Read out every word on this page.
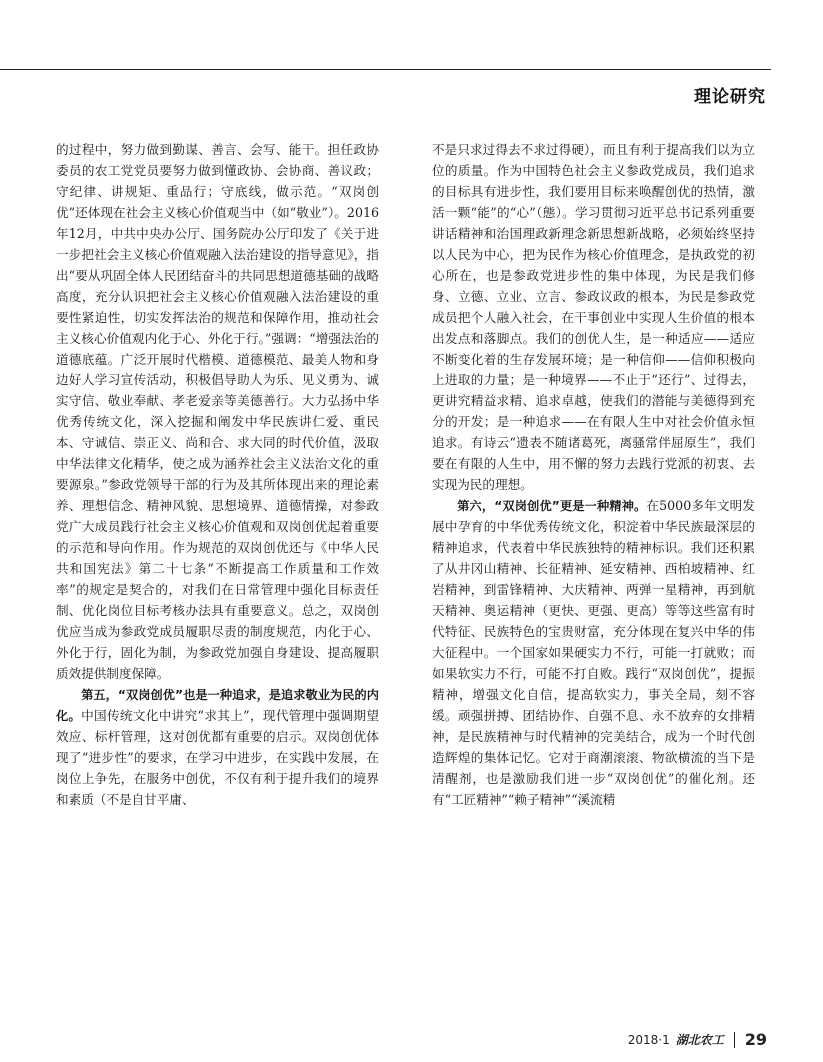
理论研究

的过程中，努力做到勤谋、善言、会写、能干。担任政协委员的农工党党员要努力做到懂政协、会协商、善议政；守纪律、讲规矩、重品行；守底线，做示范。“双岗创优”还体现在社会主义核心价值观当中（如“敬业”）。2016年12月，中共中央办公厅、国务院办公厅印发了《关于进一步把社会主义核心价值观融入法治建设的指导意见》，指出“要从巩固全体人民团结奋斗的共同思想道德基础的战略高度，充分认识把社会主义核心价值观融入法治建设的重要性紧迫性，切实发挥法治的规范和保障作用，推动社会主义核心价值观内化于心、外化于行。”强调：“增强法治的道德底蕴。广泛开展时代楷模、道德模范、最美人物和身边好人学习宣传活动，积极倡导助人为乐、见义勇为、诚实守信、敬业奉献、孝老爱亲等美德善行。大力弘扬中华优秀传统文化，深入挖掘和阐发中华民族讲仁爱、重民本、守诚信、崇正义、尚和合、求大同的时代价值，汲取中华法律文化精华，使之成为涵养社会主义法治文化的重要源泉。”参政党领导干部的行为及其所体现出来的理论素养、理想信念、精神风貌、思想境界、道德情操，对参政党广大成员践行社会主义核心价值观和双岗创优起着重要的示范和导向作用。作为规范的双岗创优还与《中华人民共和国宪法》第二十七条“不断提高工作质量和工作效率”的规定是契合的，对我们在日常管理中强化目标责任制、优化岗位目标考核办法具有重要意义。总之，双岗创优应当成为参政党成员履职尽责的制度规范，内化于心、外化于行，固化为制，为参政党加强自身建设、提高履职质效提供制度保障。

第五，“双岗创优”也是一种追求，是追求敬业为民的内化。中国传统文化中讲究“求其上”，现代管理中强调期望效应、标杆管理，这对创优都有重要的启示。双岗创优体现了“进步性”的要求，在学习中进步，在实践中发展，在岗位上争先，在服务中创优，不仅有利于提升我们的境界和素质（不是自甘平庸、

不是只求过得去不求过得硬），而且有利于提高我们以为立位的质量。作为中国特色社会主义参政党成员，我们追求的目标具有进步性，我们要用目标来唤醒创优的热情，激活一颗“能”的“心”（態）。学习贯彻习近平总书记系列重要讲话精神和治国理政新理念新思想新战略，必须始终坚持以人民为中心，把为民作为核心价值理念，是执政党的初心所在，也是参政党进步性的集中体现，为民是我们修身、立德、立业、立言、参政议政的根本，为民是参政党成员把个人融入社会，在干事创业中实现人生价值的根本出发点和落脚点。我们的创优人生，是一种适应——适应不断变化着的生存发展环境；是一种信仰——信仰积极向上进取的力量；是一种境界——不止于“还行”、过得去，更讲究精益求精、追求卓越，使我们的潜能与美德得到充分的开发；是一种追求——在有限人生中对社会价值永恒追求。有诗云“遗表不随诸葛死，离骚常伴屈原生”，我们要在有限的人生中，用不懈的努力去践行党派的初衷、去实现为民的理想。

第六，“双岗创优”更是一种精神。在5000多年文明发展中孕育的中华优秀传统文化，积淀着中华民族最深层的精神追求，代表着中华民族独特的精神标识。我们还积累了从井冈山精神、长征精神、延安精神、西柏坡精神、红岩精神，到雷锋精神、大庆精神、两弹一星精神，再到航天精神、奥运精神（更快、更强、更高）等等这些富有时代特征、民族特色的宝贵财富，充分体现在复兴中华的伟大征程中。一个国家如果硬实力不行，可能一打就败；而如果软实力不行，可能不打自败。践行“双岗创优”，提振精神，增强文化自信，提高软实力，事关全局，刻不容缓。顽强拼搏、团结协作、自强不息、永不放弃的女排精神，是民族精神与时代精神的完美结合，成为一个时代创造辉煌的集体记忆。它对于商潮滚滚、物欲横流的当下是清醒剂，也是激励我们进一步“双岗创优”的催化剂。还有“工匠精神”“赖子精神”“溪流精

2018·1 湖北农工 29
